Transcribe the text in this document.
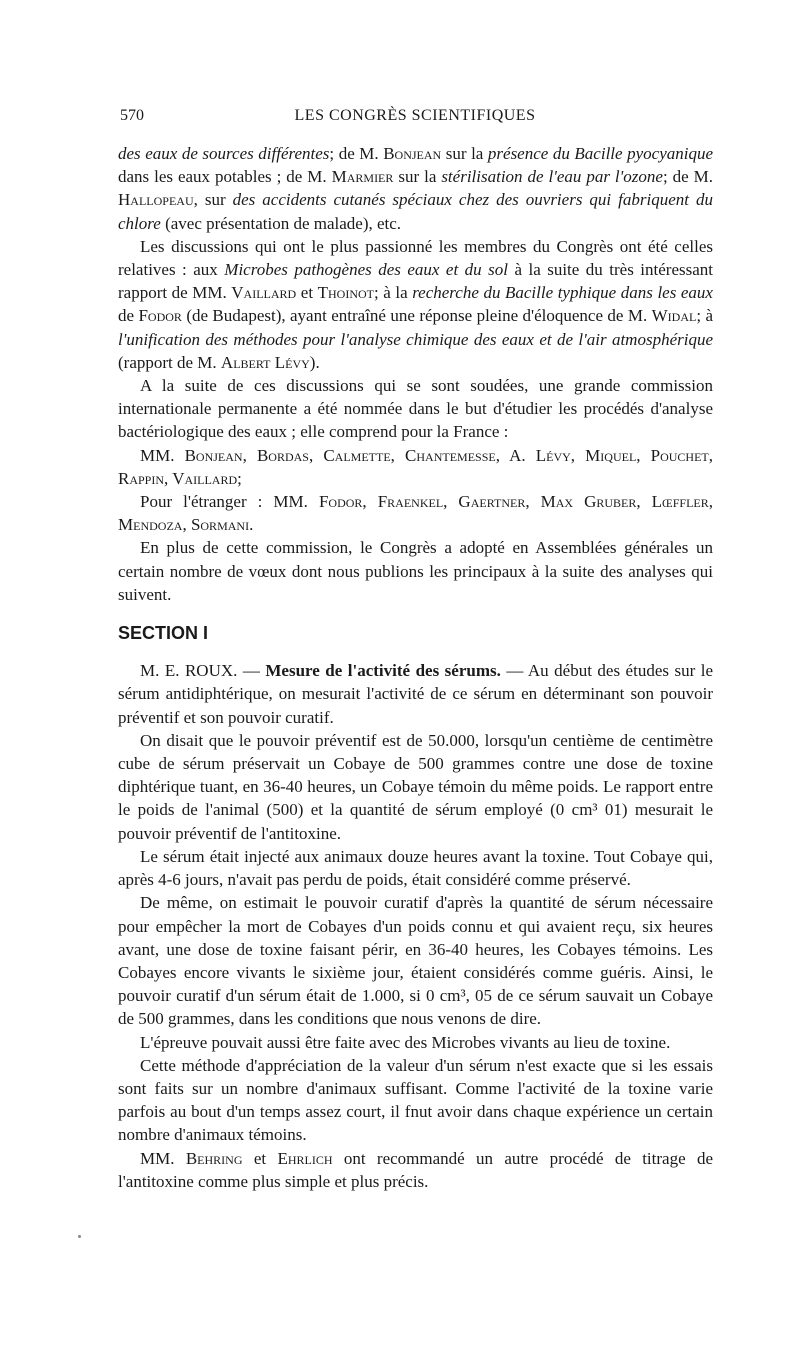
570	LES CONGRÈS SCIENTIFIQUES

des eaux de sources différentes; de M. Bonjean sur la présence du Bacille pyocyanique dans les eaux potables ; de M. Marmier sur la stérilisation de l'eau par l'ozone; de M. Hallopeau, sur des accidents cutanés spéciaux chez des ouvriers qui fabriquent du chlore (avec présentation de malade), etc.

Les discussions qui ont le plus passionné les membres du Congrès ont été celles relatives : aux Microbes pathogènes des eaux et du sol à la suite du très intéressant rapport de MM. Vaillard et Thoinot; à la recherche du Bacille typhique dans les eaux de Fodor (de Budapest), ayant entraîné une réponse pleine d'éloquence de M. Widal; à l'unification des méthodes pour l'analyse chimique des eaux et de l'air atmosphérique (rapport de M. Albert Lévy).

A la suite de ces discussions qui se sont soudées, une grande commission internationale permanente a été nommée dans le but d'étudier les procédés d'analyse bactériologique des eaux ; elle comprend pour la France :

MM. Bonjean, Bordas, Calmette, Chantemesse, A. Lévy, Miquel, Pouchet, Rappin, Vaillard;

Pour l'étranger : MM. Fodor, Fraenkel, Gaertner, Max Gruber, Lœffler, Mendoza, Sormani.

En plus de cette commission, le Congrès a adopté en Assemblées générales un certain nombre de vœux dont nous publions les principaux à la suite des analyses qui suivent.

SECTION I

M. E. ROUX. — Mesure de l'activité des sérums. — Au début des études sur le sérum antidiphtérique, on mesurait l'activité de ce sérum en déterminant son pouvoir préventif et son pouvoir curatif.

On disait que le pouvoir préventif est de 50.000, lorsqu'un centième de centimètre cube de sérum préservait un Cobaye de 500 grammes contre une dose de toxine diphtérique tuant, en 36-40 heures, un Cobaye témoin du même poids. Le rapport entre le poids de l'animal (500) et la quantité de sérum employé (0 cm³ 01) mesurait le pouvoir préventif de l'antitoxine.

Le sérum était injecté aux animaux douze heures avant la toxine. Tout Cobaye qui, après 4-6 jours, n'avait pas perdu de poids, était considéré comme préservé.

De même, on estimait le pouvoir curatif d'après la quantité de sérum nécessaire pour empêcher la mort de Cobayes d'un poids connu et qui avaient reçu, six heures avant, une dose de toxine faisant périr, en 36-40 heures, les Cobayes témoins. Les Cobayes encore vivants le sixième jour, étaient considérés comme guéris. Ainsi, le pouvoir curatif d'un sérum était de 1.000, si 0 cm³, 05 de ce sérum sauvait un Cobaye de 500 grammes, dans les conditions que nous venons de dire.

L'épreuve pouvait aussi être faite avec des Microbes vivants au lieu de toxine.

Cette méthode d'appréciation de la valeur d'un sérum n'est exacte que si les essais sont faits sur un nombre d'animaux suffisant. Comme l'activité de la toxine varie parfois au bout d'un temps assez court, il fnut avoir dans chaque expérience un certain nombre d'animaux témoins.

MM. Behring et Ehrlich ont recommandé un autre procédé de titrage de l'antitoxine comme plus simple et plus précis.
